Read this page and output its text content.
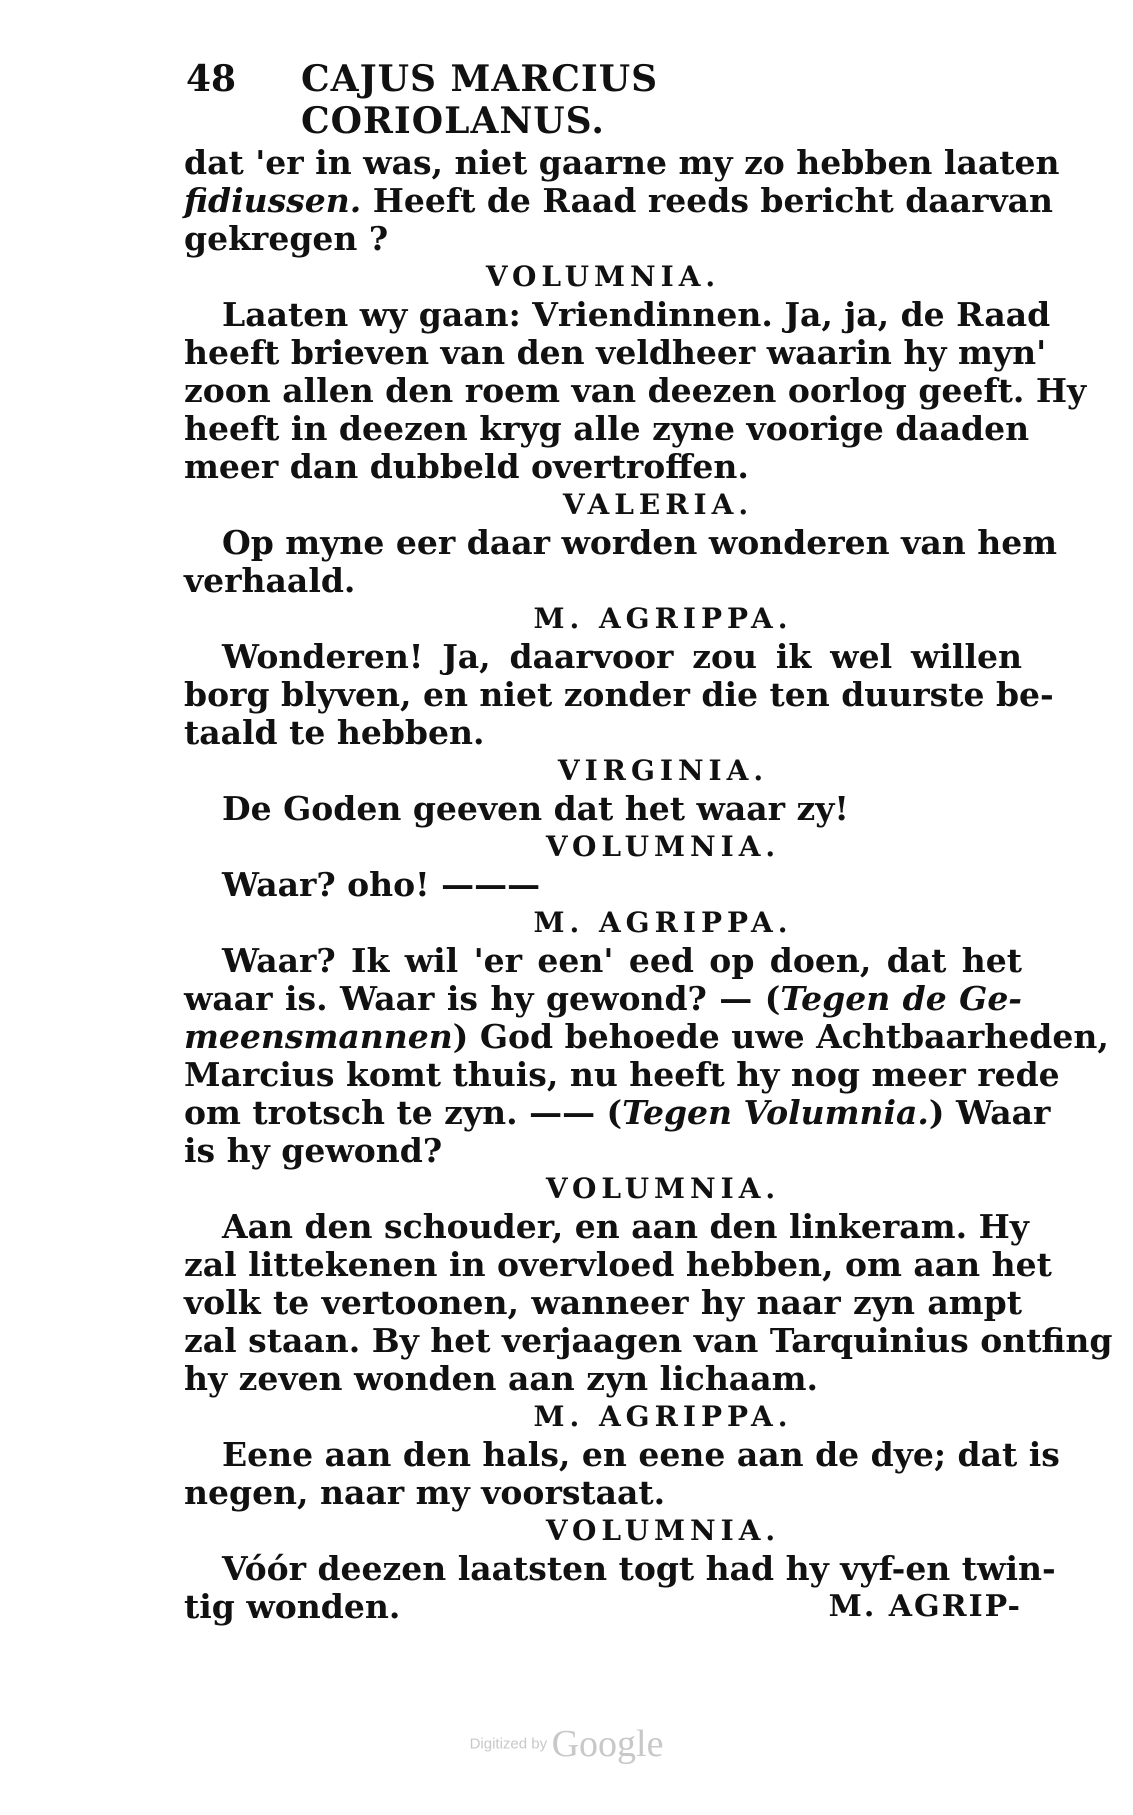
48 CAJUS MARCIUS CORIOLANUS.
dat 'er in was, niet gaarne my zo hebben laaten
fidiussen. Heeft de Raad reeds bericht daarvan
gekregen ?
VOLUMNIA.
Laaten wy gaan: Vriendinnen. Ja, ja, de Raad
heeft brieven van den veldheer waarin hy myn'
zoon allen den roem van deezen oorlog geeft. Hy
heeft in deezen kryg alle zyne voorige daaden
meer dan dubbeld overtroffen.
VALERIA.
Op myne eer daar worden wonderen van hem
verhaald.
M. AGRIPPA.
Wonderen! Ja, daarvoor zou ik wel willen
borg blyven, en niet zonder die ten duurste be-
taald te hebben.
VIRGINIA.
De Goden geeven dat het waar zy!
VOLUMNIA.
Waar? oho! ———
M. AGRIPPA.
Waar? Ik wil 'er een' eed op doen, dat het
waar is. Waar is hy gewond? — (Tegen de Ge-
meensmannen) God behoede uwe Achtbaarheden,
Marcius komt thuis, nu heeft hy nog meer rede
om trotsch te zyn. —— (Tegen Volumnia.) Waar
is hy gewond?
VOLUMNIA.
Aan den schouder, en aan den linkeram. Hy
zal littekenen in overvloed hebben, om aan het
volk te vertoonen, wanneer hy naar zyn ampt
zal staan. By het verjaagen van Tarquinius ontfing
hy zeven wonden aan zyn lichaam.
M. AGRIPPA.
Eene aan den hals, en eene aan de dye; dat is
negen, naar my voorstaat.
VOLUMNIA.
Vóór deezen laatsten togt had hy vyf-en twin-
tig wonden.	M. AGRIP-
Digitized by Google
